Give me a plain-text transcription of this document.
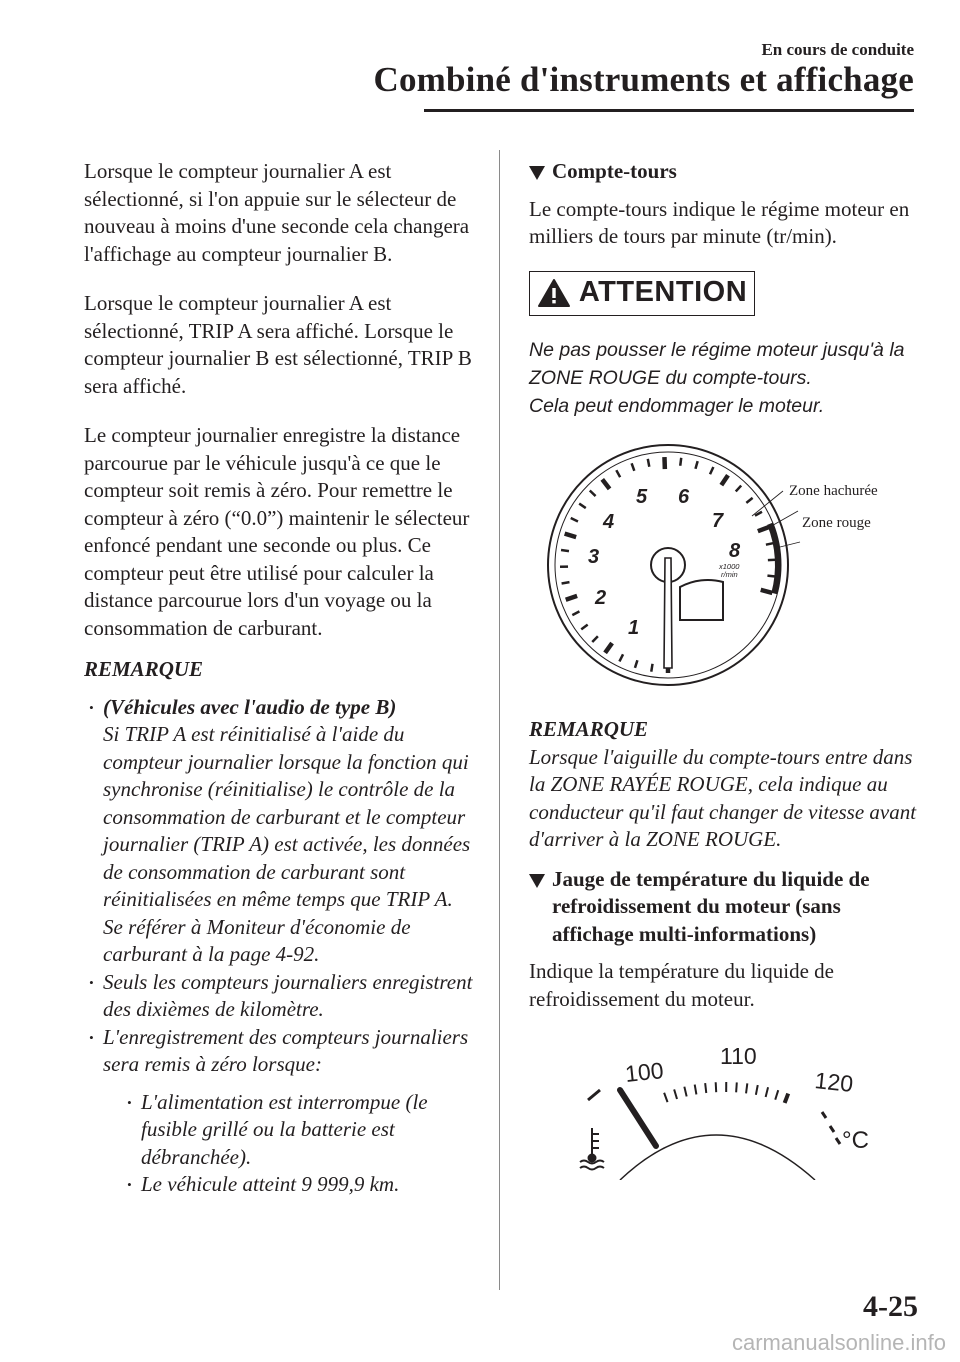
En cours de conduite
Combiné d'instruments et affichage

Lorsque le compteur journalier A est sélectionné, si l'on appuie sur le sélecteur de nouveau à moins d'une seconde cela changera l'affichage au compteur journalier B.

Lorsque le compteur journalier A est sélectionné, TRIP A sera affiché. Lorsque le compteur journalier B est sélectionné, TRIP B sera affiché.

Le compteur journalier enregistre la distance parcourue par le véhicule jusqu'à ce que le compteur soit remis à zéro. Pour remettre le compteur à zéro (“0.0”) maintenir le sélecteur enfoncé pendant une seconde ou plus. Ce compteur peut être utilisé pour calculer la distance parcourue lors d'un voyage ou la consommation de carburant.

REMARQUE
• (Véhicules avec l'audio de type B)
Si TRIP A est réinitialisé à l'aide du compteur journalier lorsque la fonction qui synchronise (réinitialise) le contrôle de la consommation de carburant et le compteur journalier (TRIP A) est activée, les données de consommation de carburant sont réinitialisées en même temps que TRIP A.
Se référer à Moniteur d'économie de carburant à la page 4-92.
• Seuls les compteurs journaliers enregistrent des dixièmes de kilomètre.
• L'enregistrement des compteurs journaliers sera remis à zéro lorsque:
• L'alimentation est interrompue (le fusible grillé ou la batterie est débranchée).
• Le véhicule atteint 9 999,9 km.
Compte-tours

Le compte-tours indique le régime moteur en milliers de tours par minute (tr/min).

ATTENTION
Ne pas pousser le régime moteur jusqu'à la ZONE ROUGE du compte-tours.
Cela peut endommager le moteur.
1
2
3
4
5 6
7
8
x1000
r/min
Zone hachurée
Zone rouge
REMARQUE

Lorsque l'aiguille du compte-tours entre dans la ZONE RAYÉE ROUGE, cela indique au conducteur qu'il faut changer de vitesse avant d'arriver à la ZONE ROUGE.

Jauge de température du liquide de refroidissement du moteur (sans affichage multi-informations)

Indique la température du liquide de refroidissement du moteur.

100
110
120
°C
4-25
carmanualsonline.info
